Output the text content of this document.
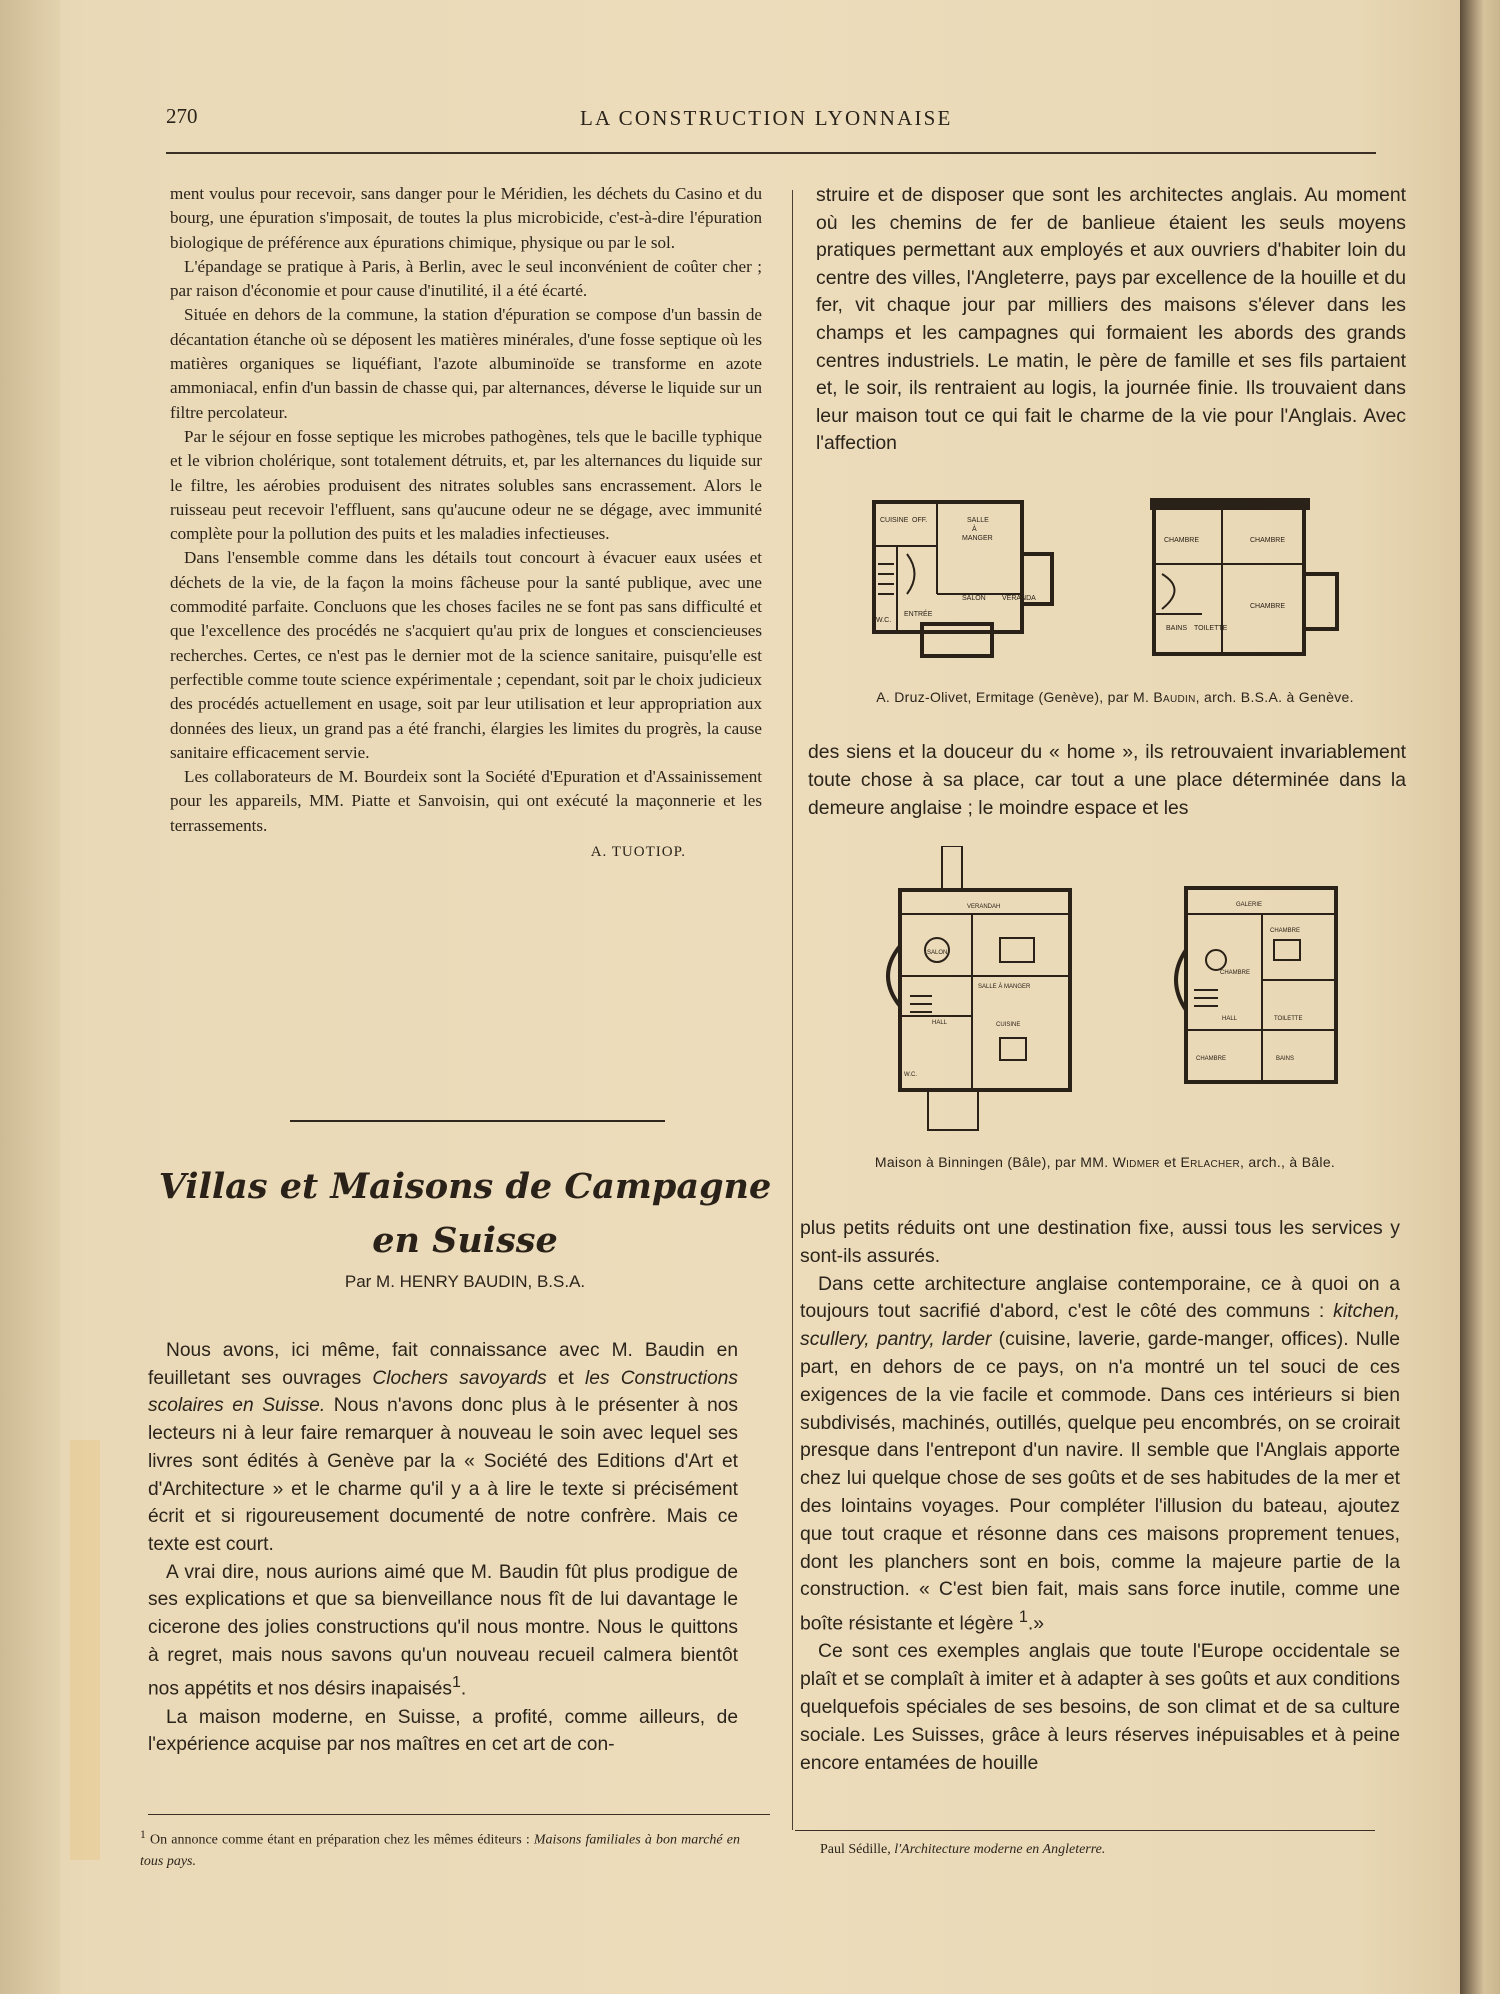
270	LA CONSTRUCTION LYONNAISE

ment voulus pour recevoir, sans danger pour le Méridien, les déchets du Casino et du bourg, une épuration s'imposait, de toutes la plus microbicide, c'est-à-dire l'épuration biologique de préférence aux épurations chimique, physique ou par le sol.

L'épandage se pratique à Paris, à Berlin, avec le seul inconvénient de coûter cher ; par raison d'économie et pour cause d'inutilité, il a été écarté.

Située en dehors de la commune, la station d'épuration se compose d'un bassin de décantation étanche où se déposent les matières minérales, d'une fosse septique où les matières organiques se liquéfiant, l'azote albuminoïde se transforme en azote ammoniacal, enfin d'un bassin de chasse qui, par alternances, déverse le liquide sur un filtre percolateur.

Par le séjour en fosse septique les microbes pathogènes, tels que le bacille typhique et le vibrion cholérique, sont totalement détruits, et, par les alternances du liquide sur le filtre, les aérobies produisent des nitrates solubles sans encrassement. Alors le ruisseau peut recevoir l'effluent, sans qu'aucune odeur ne se dégage, avec immunité complète pour la pollution des puits et les maladies infectieuses.

Dans l'ensemble comme dans les détails tout concourt à évacuer eaux usées et déchets de la vie, de la façon la moins fâcheuse pour la santé publique, avec une commodité parfaite. Concluons que les choses faciles ne se font pas sans difficulté et que l'excellence des procédés ne s'acquiert qu'au prix de longues et consciencieuses recherches. Certes, ce n'est pas le dernier mot de la science sanitaire, puisqu'elle est perfectible comme toute science expérimentale ; cependant, soit par le choix judicieux des procédés actuellement en usage, soit par leur utilisation et leur appropriation aux données des lieux, un grand pas a été franchi, élargies les limites du progrès, la cause sanitaire efficacement servie.

Les collaborateurs de M. Bourdeix sont la Société d'Epuration et d'Assainissement pour les appareils, MM. Piatte et Sanvoisin, qui ont exécuté la maçonnerie et les terrassements.

A. TUOTIOP.
Villas et Maisons de Campagne
en Suisse
Par M. HENRY BAUDIN, B.S.A.

Nous avons, ici même, fait connaissance avec M. Baudin en feuilletant ses ouvrages Clochers savoyards et les Constructions scolaires en Suisse. Nous n'avons donc plus à le présenter à nos lecteurs ni à leur faire remarquer à nouveau le soin avec lequel ses livres sont édités à Genève par la « Société des Editions d'Art et d'Architecture » et le charme qu'il y a à lire le texte si précisément écrit et si rigoureusement documenté de notre confrère. Mais ce texte est court.

A vrai dire, nous aurions aimé que M. Baudin fût plus prodigue de ses explications et que sa bienveillance nous fît de lui davantage le cicerone des jolies constructions qu'il nous montre. Nous le quittons à regret, mais nous savons qu'un nouveau recueil calmera bientôt nos appétits et nos désirs inapaisés$^1$.

La maison moderne, en Suisse, a profité, comme ailleurs, de l'expérience acquise par nos maîtres en cet art de con-

struire et de disposer que sont les architectes anglais. Au moment où les chemins de fer de banlieue étaient les seuls moyens pratiques permettant aux employés et aux ouvriers d'habiter loin du centre des villes, l'Angleterre, pays par excellence de la houille et du fer, vit chaque jour par milliers des maisons s'élever dans les champs et les campagnes qui formaient les abords des grands centres industriels. Le matin, le père de famille et ses fils partaient et, le soir, ils rentraient au logis, la journée finie. Ils trouvaient dans leur maison tout ce qui fait le charme de la vie pour l'Anglais. Avec l'affection

CUISINE OFF.	SALLE
À
MANGER
SALON VERANDA
ENTRÉE
W.C.
CHAMBRE	CHAMBRE
CHAMBRE
BAINS TOILETTE
A. Druz-Olivet, Ermitage (Genève), par M. Baudin, arch. B.S.A. à Genève.

des siens et la douceur du « home », ils retrouvaient invariablement toute chose à sa place, car tout a une place déterminée dans la demeure anglaise ; le moindre espace et les

VERANDAH
SALON
SALLE À MANGER
HALL	CUISINE
W.C.
GALERIE
CHAMBRE
CHAMBRE
HALL	TOILETTE
CHAMBRE	BAINS
Maison à Binningen (Bâle), par MM. Widmer et Erlacher, arch., à Bâle.

plus petits réduits ont une destination fixe, aussi tous les services y sont-ils assurés.

Dans cette architecture anglaise contemporaine, ce à quoi on a toujours tout sacrifié d'abord, c'est le côté des communs : kitchen, scullery, pantry, larder (cuisine, laverie, garde-manger, offices). Nulle part, en dehors de ce pays, on n'a montré un tel souci de ces exigences de la vie facile et commode. Dans ces intérieurs si bien subdivisés, machinés, outillés, quelque peu encombrés, on se croirait presque dans l'entrepont d'un navire. Il semble que l'Anglais apporte chez lui quelque chose de ses goûts et de ses habitudes de la mer et des lointains voyages. Pour compléter l'illusion du bateau, ajoutez que tout craque et résonne dans ces maisons proprement tenues, dont les planchers sont en bois, comme la majeure partie de la construction. « C'est bien fait, mais sans force inutile, comme une boîte résistante et légère $^1$.»

Ce sont ces exemples anglais que toute l'Europe occidentale se plaît et se complaît à imiter et à adapter à ses goûts et aux conditions quelquefois spéciales de ses besoins, de son climat et de sa culture sociale. Les Suisses, grâce à leurs réserves inépuisables et à peine encore entamées de houille

$^1$ On annonce comme étant en préparation chez les mêmes éditeurs : Maisons familiales à bon marché en tous pays.
Paul Sédille, l'Architecture moderne en Angleterre.
